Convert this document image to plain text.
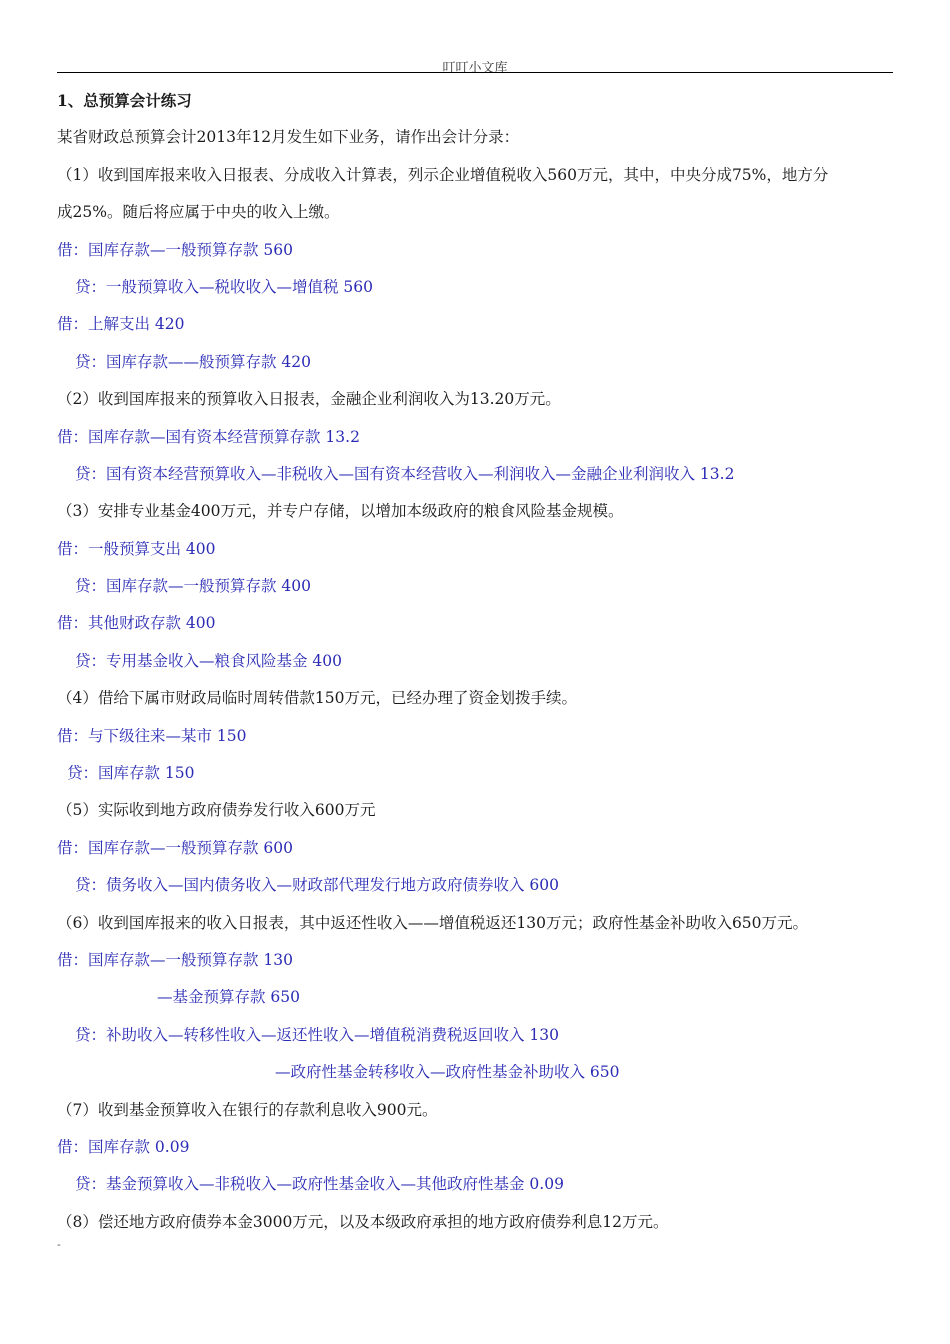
叮叮小文库
1、总预算会计练习
某省财政总预算会计2013年12月发生如下业务，请作出会计分录：
（1）收到国库报来收入日报表、分成收入计算表，列示企业增值税收入560万元，其中，中央分成75%，地方分
成25%。随后将应属于中央的收入上缴。
借：国库存款—一般预算存款 560
贷：一般预算收入—税收收入—增值税 560
借：上解支出 420
贷：国库存款——般预算存款 420
（2）收到国库报来的预算收入日报表，金融企业利润收入为13.20万元。
借：国库存款—国有资本经营预算存款 13.2
贷：国有资本经营预算收入—非税收入—国有资本经营收入—利润收入—金融企业利润收入 13.2
（3）安排专业基金400万元，并专户存储，以增加本级政府的粮食风险基金规模。
借：一般预算支出 400
贷：国库存款—一般预算存款 400
借：其他财政存款 400
贷：专用基金收入—粮食风险基金 400
（4）借给下属市财政局临时周转借款150万元，已经办理了资金划拨手续。
借：与下级往来—某市 150
贷：国库存款 150
（5）实际收到地方政府债券发行收入600万元
借：国库存款—一般预算存款 600
贷：债务收入—国内债务收入—财政部代理发行地方政府债券收入 600
（6）收到国库报来的收入日报表，其中返还性收入——增值税返还130万元；政府性基金补助收入650万元。
借：国库存款—一般预算存款 130
—基金预算存款 650
贷：补助收入—转移性收入—返还性收入—增值税消费税返回收入 130
—政府性基金转移收入—政府性基金补助收入 650
（7）收到基金预算收入在银行的存款利息收入900元。
借：国库存款 0.09
贷：基金预算收入—非税收入—政府性基金收入—其他政府性基金 0.09
（8）偿还地方政府债券本金3000万元，以及本级政府承担的地方政府债券利息12万元。
-
